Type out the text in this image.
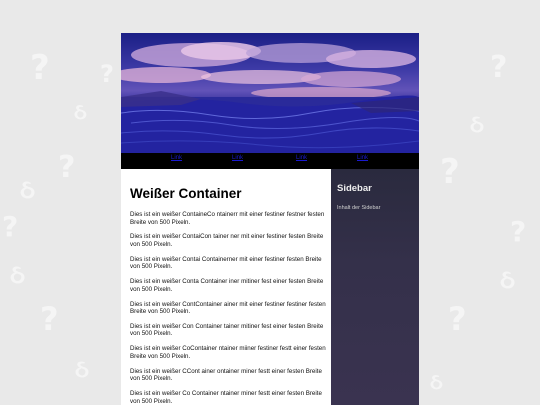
?
?
?
?
?
?
?
?
?
ઠ
ઠ
ઠ
ઠ
ઠ
ઠ
ઠ
Link	Link	Link	Link
Weißer Container

Dies ist ein weißer ContaineCo ntainerr mit einer festiner festner festen Breite von 500 Pixeln.

Dies ist ein weißer ContaiCon tainer ner mit einer festiner festen Breite von 500 Pixeln.

Dies ist ein weißer Contai Containerner mit einer festiner festen Breite von 500 Pixeln.

Dies ist ein weißer Conta Container iner mitiner fest einer festen Breite von 500 Pixeln.

Dies ist ein weißer ContContainer ainer mit einer festiner festiner festen Breite von 500 Pixeln.

Dies ist ein weißer Con Container tainer mitiner fest einer festen Breite von 500 Pixeln.

Dies ist ein weißer CoContainer ntainer miiner festiner festt einer festen Breite von 500 Pixeln.

Dies ist ein weißer CCont ainer ontainer miner festt einer festen Breite von 500 Pixeln.

Dies ist ein weißer Co Container ntainer miner festt einer festen Breite von 500 Pixeln.

Sidebar

Inhalt der Sidebar
